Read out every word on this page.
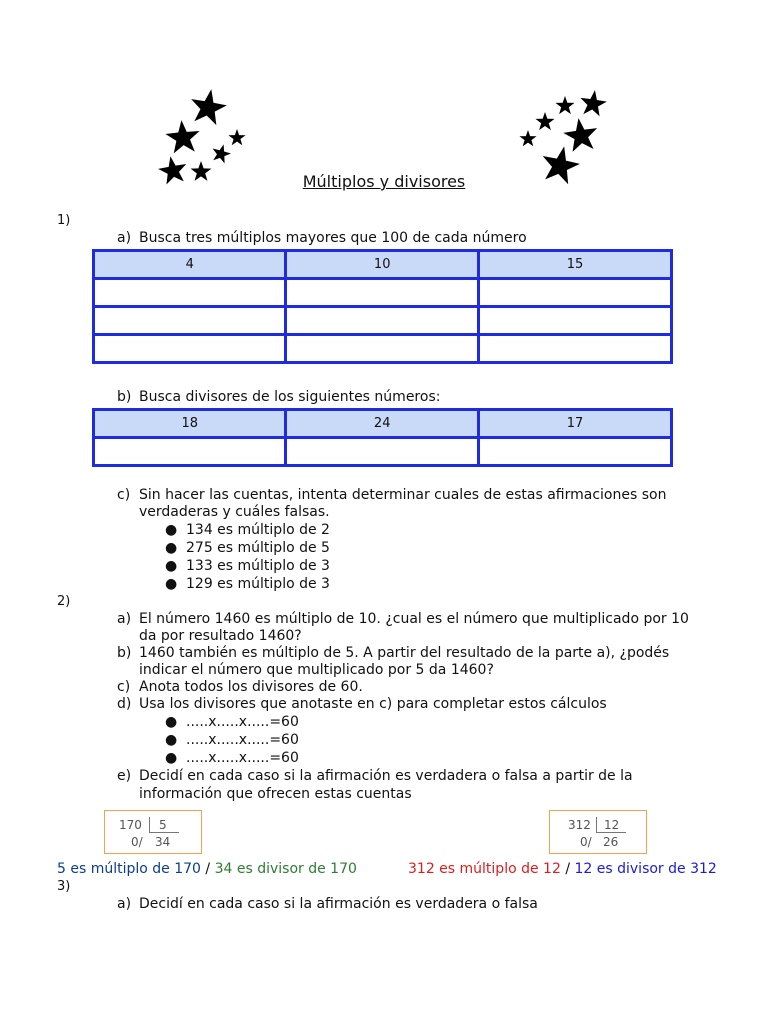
Múltiplos y divisores
1)
a) Busca tres múltiplos mayores que 100 de cada número
4	10	15

b) Busca divisores de los siguientes números:
18	24	17

c) Sin hacer las cuentas, intenta determinar cuales de estas afirmaciones son
verdaderas y cuáles falsas.
● 134 es múltiplo de 2
● 275 es múltiplo de 5
● 133 es múltiplo de 3
● 129 es múltiplo de 3
2)
a) El número 1460 es múltiplo de 10. ¿cual es el número que multiplicado por 10
da por resultado 1460?
b) 1460 también es múltiplo de 5. A partir del resultado de la parte a), ¿podés
indicar el número que multiplicado por 5 da 1460?
c) Anota todos los divisores de 60.
d) Usa los divisores que anotaste en c) para completar estos cálculos
● .....x.....x.....=60
● .....x.....x.....=60
● .....x.....x.....=60
e) Decidí en cada caso si la afirmación es verdadera o falsa a partir de la
información que ofrecen estas cuentas
170 5
0/ 34
312 12
0/ 26
5 es múltiplo de 170 / 34 es divisor de 170	312 es múltiplo de 12 / 12 es divisor de 312
3)
a) Decidí en cada caso si la afirmación es verdadera o falsa
